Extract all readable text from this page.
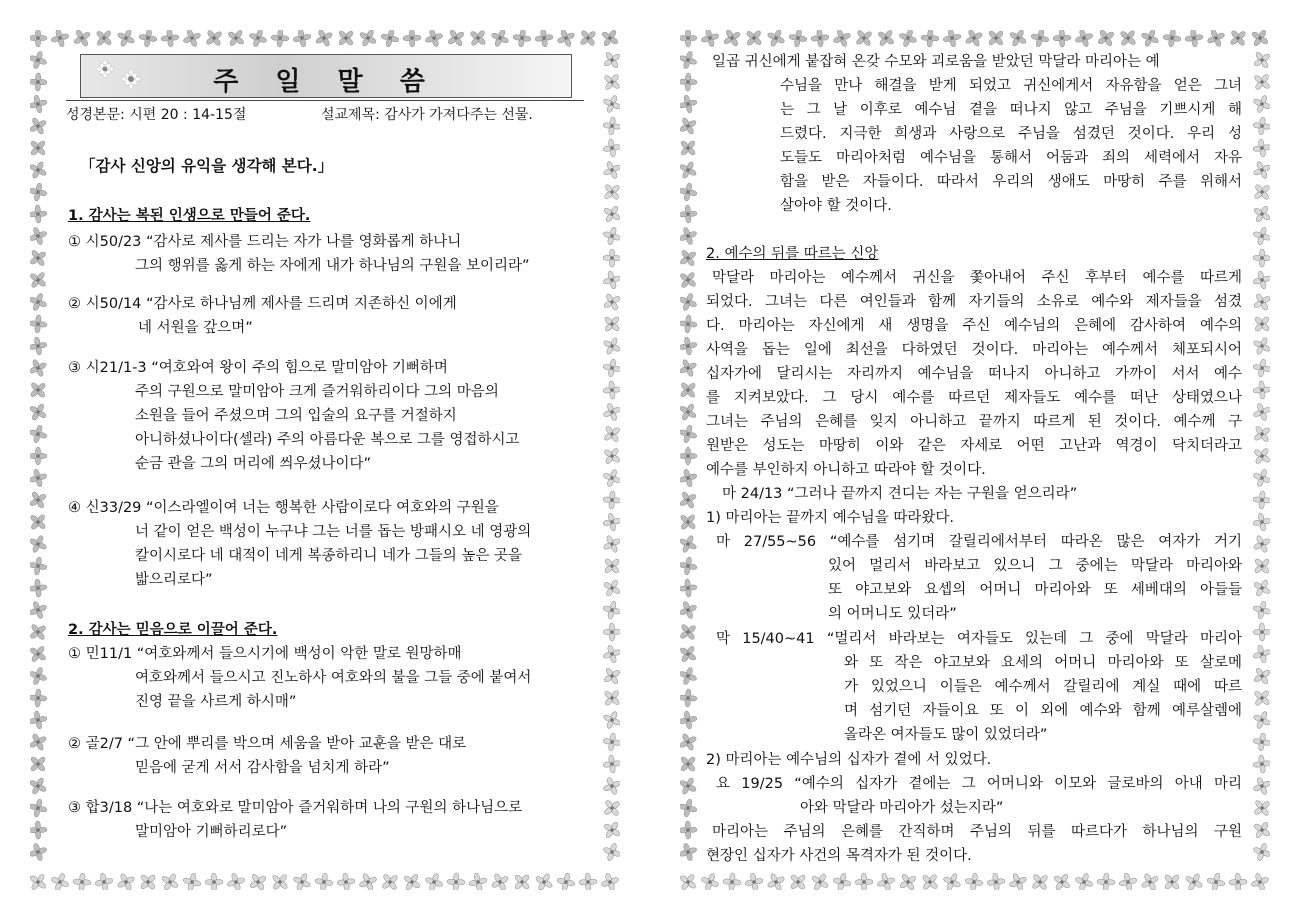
주 일 말 씀
성경본문: 시편 20 : 14-15절	설교제목: 감사가 가져다주는 선물.
「감사 신앙의 유익을 생각해 본다.」
1. 감사는 복된 인생으로 만들어 준다.
① 시50/23 “감사로 제사를 드리는 자가 나를 영화롭게 하나니
그의 행위를 옳게 하는 자에게 내가 하나님의 구원을 보이리라”
② 시50/14 “감사로 하나님께 제사를 드리며 지존하신 이에게
네 서원을 갚으며”
③ 시21/1-3 “여호와여 왕이 주의 힘으로 말미암아 기뻐하며
주의 구원으로 말미암아 크게 즐거워하리이다 그의 마음의
소원을 들어 주셨으며 그의 입술의 요구를 거절하지
아니하셨나이다(셀라) 주의 아름다운 복으로 그를 영접하시고
순금 관을 그의 머리에 씌우셨나이다”
④ 신33/29 “이스라엘이여 너는 행복한 사람이로다 여호와의 구원을
너 같이 얻은 백성이 누구냐 그는 너를 돕는 방패시오 네 영광의
칼이시로다 네 대적이 네게 복종하리니 네가 그들의 높은 곳을
밟으리로다”
2. 감사는 믿음으로 이끌어 준다.
① 민11/1 “여호와께서 들으시기에 백성이 악한 말로 원망하매
여호와께서 들으시고 진노하사 여호와의 불을 그들 중에 붙여서
진영 끝을 사르게 하시매”
② 골2/7 “그 안에 뿌리를 박으며 세움을 받아 교훈을 받은 대로
믿음에 굳게 서서 감사함을 넘치게 하라”
③ 합3/18 “나는 여호와로 말미암아 즐거워하며 나의 구원의 하나님으로
말미암아 기뻐하리로다”
일곱 귀신에게 붙잡혀 온갖 수모와 괴로움을 받았던 막달라 마리아는 예
수님을 만나 해결을 받게 되었고 귀신에게서 자유함을 얻은 그녀
는 그 날 이후로 예수님 곁을 떠나지 않고 주님을 기쁘시게 해
드렸다. 지극한 희생과 사랑으로 주님을 섬겼던 것이다. 우리 성
도들도 마리아처럼 예수님을 통해서 어둠과 죄의 세력에서 자유
함을 받은 자들이다. 따라서 우리의 생애도 마땅히 주를 위해서
살아야 할 것이다.
2. 예수의 뒤를 따르는 신앙
막달라 마리아는 예수께서 귀신을 쫓아내어 주신 후부터 예수를 따르게
되었다. 그녀는 다른 여인들과 함께 자기들의 소유로 예수와 제자들을 섬겼
다. 마리아는 자신에게 새 생명을 주신 예수님의 은혜에 감사하여 예수의
사역을 돕는 일에 최선을 다하였던 것이다. 마리아는 예수께서 체포되시어
십자가에 달리시는 자리까지 예수님을 떠나지 아니하고 가까이 서서 예수
를 지켜보았다. 그 당시 예수를 따르던 제자들도 예수를 떠난 상태였으나
그녀는 주님의 은혜를 잊지 아니하고 끝까지 따르게 된 것이다. 예수께 구
원받은 성도는 마땅히 이와 같은 자세로 어떤 고난과 역경이 닥치더라고
예수를 부인하지 아니하고 따라야 할 것이다.
마 24/13 “그러나 끝까지 견디는 자는 구원을 얻으리라”
1) 마리아는 끝까지 예수님을 따라왔다.
마 27/55~56 “예수를 섬기며 갈릴리에서부터 따라온 많은 여자가 거기
있어 멀리서 바라보고 있으니 그 중에는 막달라 마리아와
또 야고보와 요셉의 어머니 마리아와 또 세베대의 아들들
의 어머니도 있더라”
막 15/40~41 “멀리서 바라보는 여자들도 있는데 그 중에 막달라 마리아
와 또 작은 야고보와 요세의 어머니 마리아와 또 살로메
가 있었으니 이들은 예수께서 갈릴리에 계실 때에 따르
며 섬기던 자들이요 또 이 외에 예수와 함께 예루살렘에
올라온 여자들도 많이 있었더라”
2) 마리아는 예수님의 십자가 곁에 서 있었다.
요 19/25 “예수의 십자가 곁에는 그 어머니와 이모와 글로바의 아내 마리
아와 막달라 마리아가 섰는지라”
마리아는 주님의 은혜를 간직하며 주님의 뒤를 따르다가 하나님의 구원
현장인 십자가 사건의 목격자가 된 것이다.
